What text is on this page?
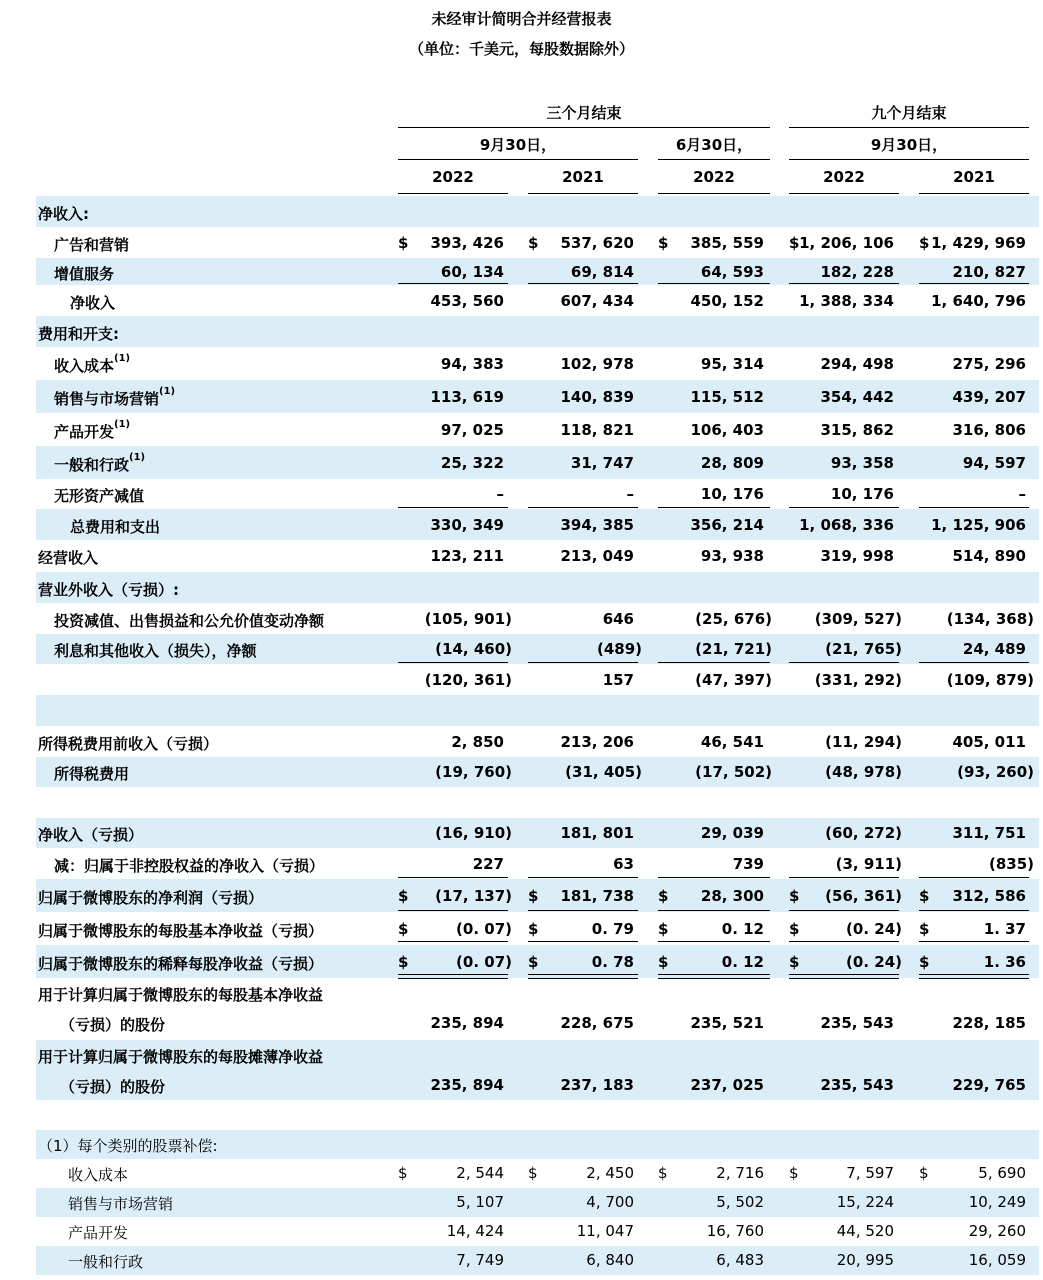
未经审计简明合并经营报表
（单位：千美元，每股数据除外）
三个月结束	九个月结束
9月30日，	6月30日，	9月30日，
2022	2021	2022	2022	2021
净收入:
广告和营销	$	393, 426 $	537, 620 $	385, 559 $ 1, 206, 106 $ 1, 429, 969
增值服务	60, 134	69, 814	64, 593	182, 228	210, 827
净收入	453, 560	607, 434	450, 152	1, 388, 334	1, 640, 796
费用和开支:
收入成本$^{(1)}$	94, 383	102, 978	95, 314	294, 498	275, 296
销售与市场营销$^{(1)}$	113, 619	140, 839	115, 512	354, 442	439, 207
产品开发$^{(1)}$	97, 025	118, 821	106, 403	315, 862	316, 806
一般和行政$^{(1)}$	25, 322	31, 747	28, 809	93, 358	94, 597
无形资产减值	–	–	10, 176	10, 176	–
总费用和支出	330, 349	394, 385	356, 214	1, 068, 336	1, 125, 906
经营收入	123, 211	213, 049	93, 938	319, 998	514, 890
营业外收入（亏损）:
投资减值、出售损益和公允价值变动净额	(105, 901)	646	(25, 676)	(309, 527)	(134, 368)
利息和其他收入（损失），净额	(14, 460)	(489)	(21, 721)	(21, 765)	24, 489
(120, 361)	157	(47, 397)	(331, 292)	(109, 879)
所得税费用前收入（亏损）	2, 850	213, 206	46, 541	(11, 294)	405, 011
所得税费用	(19, 760)	(31, 405)	(17, 502)	(48, 978)	(93, 260)
净收入（亏损）	(16, 910)	181, 801	29, 039	(60, 272)	311, 751
减：归属于非控股权益的净收入（亏损）	227	63	739	(3, 911)	(835)
归属于微博股东的净利润（亏损）	$	(17, 137) $	181, 738 $	28, 300 $	(56, 361) $	312, 586
归属于微博股东的每股基本净收益（亏损）	$	(0. 07) $	0. 79 $	0. 12 $	(0. 24) $	1. 37
归属于微博股东的稀释每股净收益（亏损）	$	(0. 07) $	0. 78 $	0. 12 $	(0. 24) $	1. 36
用于计算归属于微博股东的每股基本净收益
（亏损）的股份	235, 894	228, 675	235, 521	235, 543	228, 185
用于计算归属于微博股东的每股摊薄净收益
（亏损）的股份	235, 894	237, 183	237, 025	235, 543	229, 765
（1）每个类别的股票补偿:
收入成本	$	2, 544 $	2, 450 $	2, 716 $	7, 597 $	5, 690
销售与市场营销	5, 107	4, 700	5, 502	15, 224	10, 249
产品开发	14, 424	11, 047	16, 760	44, 520	29, 260
一般和行政	7, 749	6, 840	6, 483	20, 995	16, 059
